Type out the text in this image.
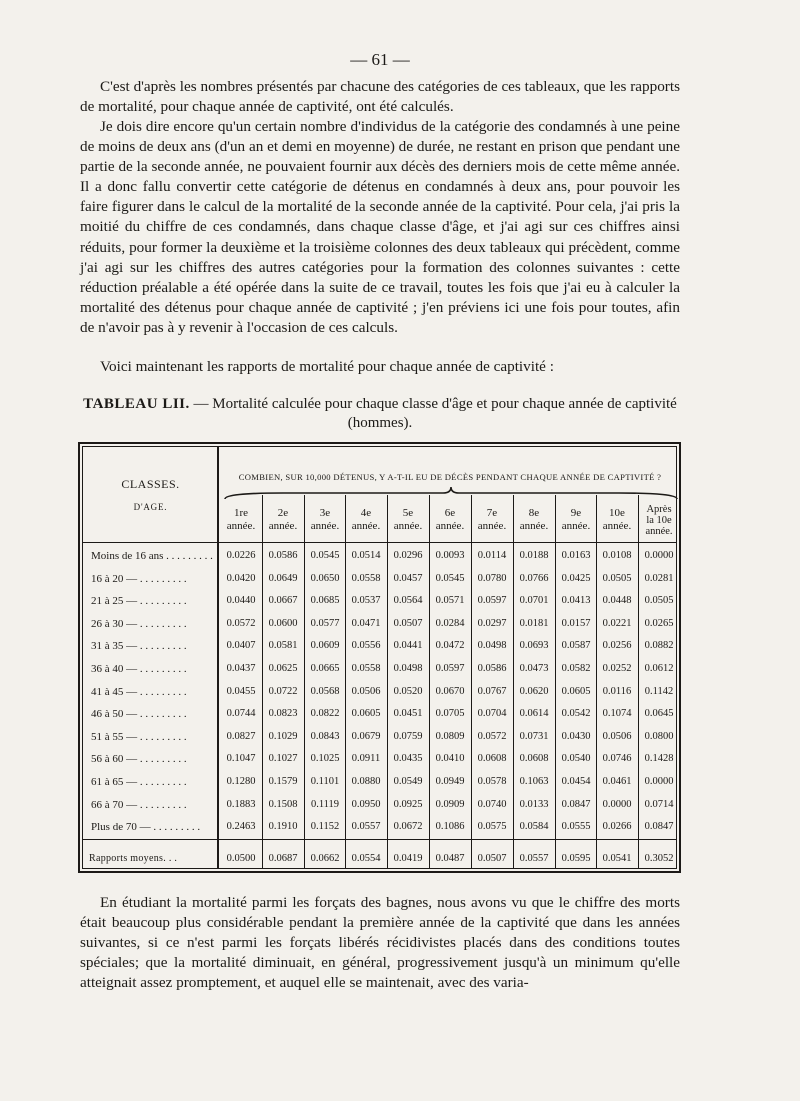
— 61 —

C'est d'après les nombres présentés par chacune des catégories de ces tableaux, que les rapports de mortalité, pour chaque année de captivité, ont été calculés.

Je dois dire encore qu'un certain nombre d'individus de la catégorie des condamnés à une peine de moins de deux ans (d'un an et demi en moyenne) de durée, ne restant en prison que pendant une partie de la seconde année, ne pouvaient fournir aux décès des derniers mois de cette même année. Il a donc fallu convertir cette catégorie de détenus en condamnés à deux ans, pour pouvoir les faire figurer dans le calcul de la mortalité de la seconde année de la captivité. Pour cela, j'ai pris la moitié du chiffre de ces condamnés, dans chaque classe d'âge, et j'ai agi sur ces chiffres ainsi réduits, pour former la deuxième et la troisième colonnes des deux tableaux qui précèdent, comme j'ai agi sur les chiffres des autres catégories pour la formation des colonnes suivantes : cette réduction préalable a été opérée dans la suite de ce travail, toutes les fois que j'ai eu à calculer la mortalité des détenus pour chaque année de captivité ; j'en préviens ici une fois pour toutes, afin de n'avoir pas à y revenir à l'occasion de ces calculs.

Voici maintenant les rapports de mortalité pour chaque année de captivité :

TABLEAU LII. — Mortalité calculée pour chaque classe d'âge et pour chaque année de captivité (hommes).
CLASSES.
D'AGE.
COMBIEN, SUR 10,000 DÉTENUS, Y A-T-IL EU DE DÉCÈS PENDANT CHAQUE ANNÉE DE CAPTIVITÉ ?
1re
année.
2e
année.
3e
année.
4e
année.
5e
année.
6e
année.
7e
année.
8e
année.
9e
année.
10e
année.
Après
la 10e
année.
Moins de 16 ans . . . . . . . . .	0.0226	0.0586	0.0545	0.0514	0.0296	0.0093	0.0114	0.0188	0.0163	0.0108	0.0000
16 à 20 — . . . . . . . . .	0.0420	0.0649	0.0650	0.0558	0.0457	0.0545	0.0780	0.0766	0.0425	0.0505	0.0281
21 à 25 — . . . . . . . . .	0.0440	0.0667	0.0685	0.0537	0.0564	0.0571	0.0597	0.0701	0.0413	0.0448	0.0505
26 à 30 — . . . . . . . . .	0.0572	0.0600	0.0577	0.0471	0.0507	0.0284	0.0297	0.0181	0.0157	0.0221	0.0265
31 à 35 — . . . . . . . . .	0.0407	0.0581	0.0609	0.0556	0.0441	0.0472	0.0498	0.0693	0.0587	0.0256	0.0882
36 à 40 — . . . . . . . . .	0.0437	0.0625	0.0665	0.0558	0.0498	0.0597	0.0586	0.0473	0.0582	0.0252	0.0612
41 à 45 — . . . . . . . . .	0.0455	0.0722	0.0568	0.0506	0.0520	0.0670	0.0767	0.0620	0.0605	0.0116	0.1142
46 à 50 — . . . . . . . . .	0.0744	0.0823	0.0822	0.0605	0.0451	0.0705	0.0704	0.0614	0.0542	0.1074	0.0645
51 à 55 — . . . . . . . . .	0.0827	0.1029	0.0843	0.0679	0.0759	0.0809	0.0572	0.0731	0.0430	0.0506	0.0800
56 à 60 — . . . . . . . . .	0.1047	0.1027	0.1025	0.0911	0.0435	0.0410	0.0608	0.0608	0.0540	0.0746	0.1428
61 à 65 — . . . . . . . . .	0.1280	0.1579	0.1101	0.0880	0.0549	0.0949	0.0578	0.1063	0.0454	0.0461	0.0000
66 à 70 — . . . . . . . . .	0.1883	0.1508	0.1119	0.0950	0.0925	0.0909	0.0740	0.0133	0.0847	0.0000	0.0714
Plus de 70 — . . . . . . . . .	0.2463	0.1910	0.1152	0.0557	0.0672	0.1086	0.0575	0.0584	0.0555	0.0266	0.0847
Rapports moyens. . .	0.0500	0.0687	0.0662	0.0554	0.0419	0.0487	0.0507	0.0557	0.0595	0.0541	0.3052

En étudiant la mortalité parmi les forçats des bagnes, nous avons vu que le chiffre des morts était beaucoup plus considérable pendant la première année de la captivité que dans les années suivantes, si ce n'est parmi les forçats libérés récidivistes placés dans des conditions toutes spéciales; que la mortalité diminuait, en général, progressivement jusqu'à un minimum qu'elle atteignait assez promptement, et auquel elle se maintenait, avec des varia-
